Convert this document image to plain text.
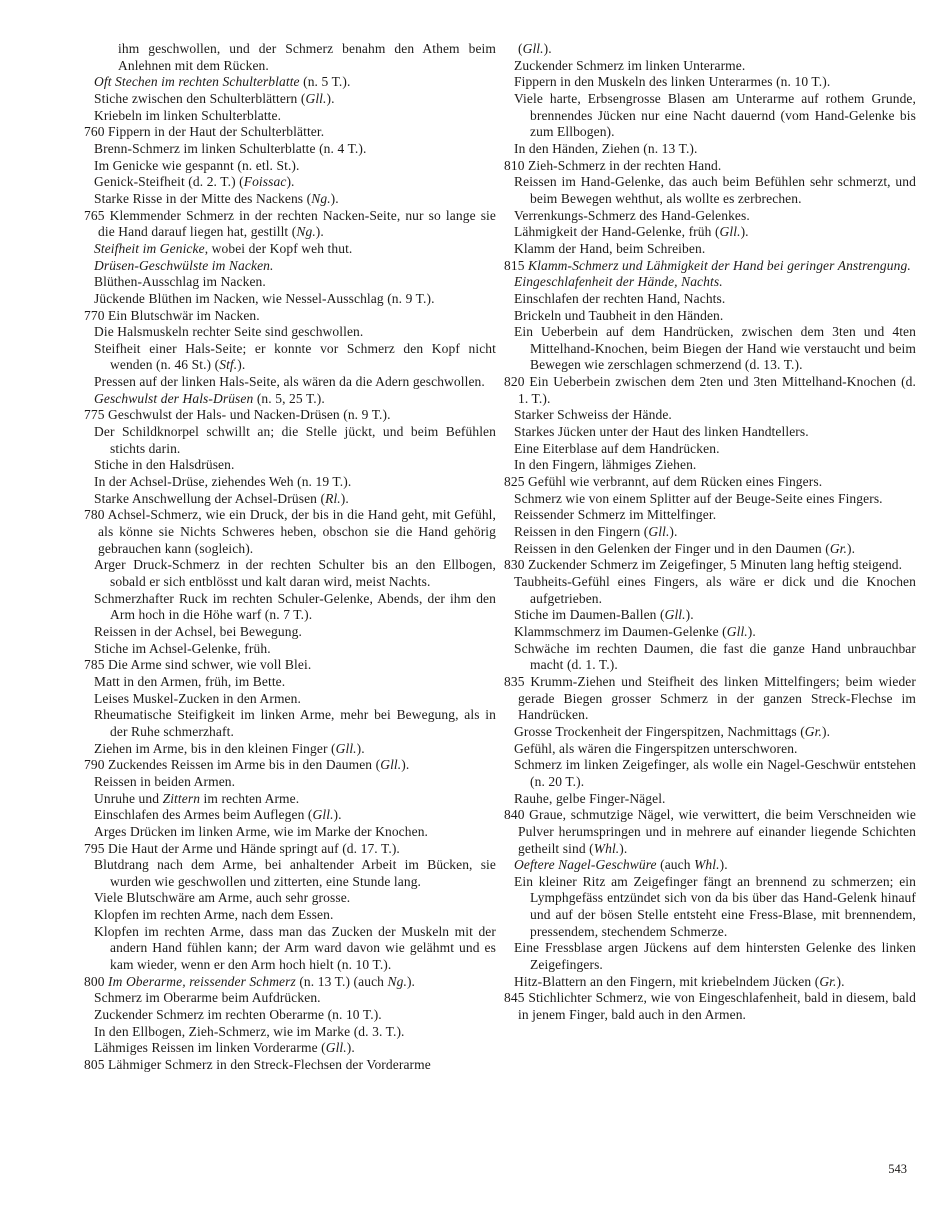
ihm geschwollen, und der Schmerz benahm den Athem beim Anlehnen mit dem Rücken.

Oft Stechen im rechten Schulterblatte (n. 5 T.).

Stiche zwischen den Schulterblättern (Gll.).

Kriebeln im linken Schulterblatte.

760 Fippern in der Haut der Schulterblätter.

Brenn-Schmerz im linken Schulterblatte (n. 4 T.).

Im Genicke wie gespannt (n. etl. St.).

Genick-Steifheit (d. 2. T.) (Foissac).

Starke Risse in der Mitte des Nackens (Ng.).

765 Klemmender Schmerz in der rechten Nacken-Seite, nur so lange sie die Hand darauf liegen hat, gestillt (Ng.).

Steifheit im Genicke, wobei der Kopf weh thut.

Drüsen-Geschwülste im Nacken.

Blüthen-Ausschlag im Nacken.

Jückende Blüthen im Nacken, wie Nessel-Ausschlag (n. 9 T.).

770 Ein Blutschwär im Nacken.

Die Halsmuskeln rechter Seite sind geschwollen.

Steifheit einer Hals-Seite; er konnte vor Schmerz den Kopf nicht wenden (n. 46 St.) (Stf.).

Pressen auf der linken Hals-Seite, als wären da die Adern geschwollen.

Geschwulst der Hals-Drüsen (n. 5, 25 T.).

775 Geschwulst der Hals- und Nacken-Drüsen (n. 9 T.).

Der Schildknorpel schwillt an; die Stelle jückt, und beim Befühlen stichts darin.

Stiche in den Halsdrüsen.

In der Achsel-Drüse, ziehendes Weh (n. 19 T.).

Starke Anschwellung der Achsel-Drüsen (Rl.).

780 Achsel-Schmerz, wie ein Druck, der bis in die Hand geht, mit Gefühl, als könne sie Nichts Schweres heben, obschon sie die Hand gehörig gebrauchen kann (sogleich).

Arger Druck-Schmerz in der rechten Schulter bis an den Ellbogen, sobald er sich entblösst und kalt daran wird, meist Nachts.

Schmerzhafter Ruck im rechten Schuler-Gelenke, Abends, der ihm den Arm hoch in die Höhe warf (n. 7 T.).

Reissen in der Achsel, bei Bewegung.

Stiche im Achsel-Gelenke, früh.

785 Die Arme sind schwer, wie voll Blei.

Matt in den Armen, früh, im Bette.

Leises Muskel-Zucken in den Armen.

Rheumatische Steifigkeit im linken Arme, mehr bei Bewegung, als in der Ruhe schmerzhaft.

Ziehen im Arme, bis in den kleinen Finger (Gll.).

790 Zuckendes Reissen im Arme bis in den Daumen (Gll.).

Reissen in beiden Armen.

Unruhe und Zittern im rechten Arme.

Einschlafen des Armes beim Auflegen (Gll.).

Arges Drücken im linken Arme, wie im Marke der Knochen.

795 Die Haut der Arme und Hände springt auf (d. 17. T.).

Blutdrang nach dem Arme, bei anhaltender Arbeit im Bücken, sie wurden wie geschwollen und zitterten, eine Stunde lang.

Viele Blutschwäre am Arme, auch sehr grosse.

Klopfen im rechten Arme, nach dem Essen.

Klopfen im rechten Arme, dass man das Zucken der Muskeln mit der andern Hand fühlen kann; der Arm ward davon wie gelähmt und es kam wieder, wenn er den Arm hoch hielt (n. 10 T.).

800 Im Oberarme, reissender Schmerz (n. 13 T.) (auch Ng.).

Schmerz im Oberarme beim Aufdrücken.

Zuckender Schmerz im rechten Oberarme (n. 10 T.).

In den Ellbogen, Zieh-Schmerz, wie im Marke (d. 3. T.).

Lähmiges Reissen im linken Vorderarme (Gll.).

805 Lähmiger Schmerz in den Streck-Flechsen der Vorderarme

(Gll.).

Zuckender Schmerz im linken Unterarme.

Fippern in den Muskeln des linken Unterarmes (n. 10 T.).

Viele harte, Erbsengrosse Blasen am Unterarme auf rothem Grunde, brennendes Jücken nur eine Nacht dauernd (vom Hand-Gelenke bis zum Ellbogen).

In den Händen, Ziehen (n. 13 T.).

810 Zieh-Schmerz in der rechten Hand.

Reissen im Hand-Gelenke, das auch beim Befühlen sehr schmerzt, und beim Bewegen wehthut, als wollte es zerbrechen.

Verrenkungs-Schmerz des Hand-Gelenkes.

Lähmigkeit der Hand-Gelenke, früh (Gll.).

Klamm der Hand, beim Schreiben.

815 Klamm-Schmerz und Lähmigkeit der Hand bei geringer Anstrengung.

Eingeschlafenheit der Hände, Nachts.

Einschlafen der rechten Hand, Nachts.

Brickeln und Taubheit in den Händen.

Ein Ueberbein auf dem Handrücken, zwischen dem 3ten und 4ten Mittelhand-Knochen, beim Biegen der Hand wie verstaucht und beim Bewegen wie zerschlagen schmerzend (d. 13. T.).

820 Ein Ueberbein zwischen dem 2ten und 3ten Mittelhand-Knochen (d. 1. T.).

Starker Schweiss der Hände.

Starkes Jücken unter der Haut des linken Handtellers.

Eine Eiterblase auf dem Handrücken.

In den Fingern, lähmiges Ziehen.

825 Gefühl wie verbrannt, auf dem Rücken eines Fingers.

Schmerz wie von einem Splitter auf der Beuge-Seite eines Fingers.

Reissender Schmerz im Mittelfinger.

Reissen in den Fingern (Gll.).

Reissen in den Gelenken der Finger und in den Daumen (Gr.).

830 Zuckender Schmerz im Zeigefinger, 5 Minuten lang heftig steigend.

Taubheits-Gefühl eines Fingers, als wäre er dick und die Knochen aufgetrieben.

Stiche im Daumen-Ballen (Gll.).

Klammschmerz im Daumen-Gelenke (Gll.).

Schwäche im rechten Daumen, die fast die ganze Hand unbrauchbar macht (d. 1. T.).

835 Krumm-Ziehen und Steifheit des linken Mittelfingers; beim wieder gerade Biegen grosser Schmerz in der ganzen Streck-Flechse im Handrücken.

Grosse Trockenheit der Fingerspitzen, Nachmittags (Gr.).

Gefühl, als wären die Fingerspitzen unterschworen.

Schmerz im linken Zeigefinger, als wolle ein Nagel-Geschwür entstehen (n. 20 T.).

Rauhe, gelbe Finger-Nägel.

840 Graue, schmutzige Nägel, wie verwittert, die beim Verschneiden wie Pulver herumspringen und in mehrere auf einander liegende Schichten getheilt sind (Whl.).

Oeftere Nagel-Geschwüre (auch Whl.).

Ein kleiner Ritz am Zeigefinger fängt an brennend zu schmerzen; ein Lymphgefäss entzündet sich von da bis über das Hand-Gelenk hinauf und auf der bösen Stelle entsteht eine Fress-Blase, mit brennendem, pressendem, stechendem Schmerze.

Eine Fressblase argen Jückens auf dem hintersten Gelenke des linken Zeigefingers.

Hitz-Blattern an den Fingern, mit kriebelndem Jücken (Gr.).

845 Stichlichter Schmerz, wie von Eingeschlafenheit, bald in diesem, bald in jenem Finger, bald auch in den Armen.

543
